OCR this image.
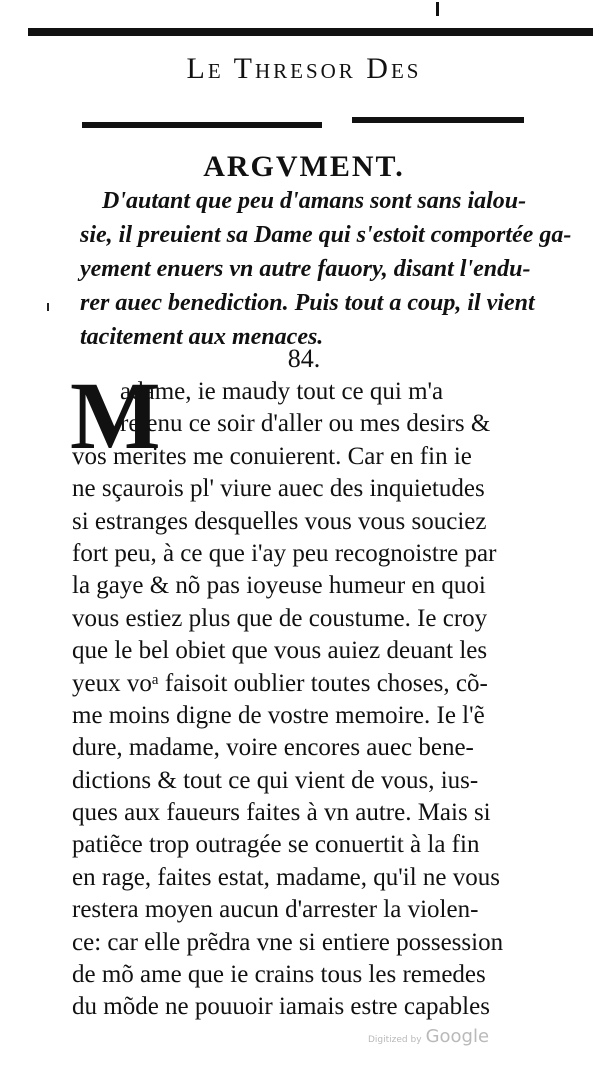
Le Thresor Des
ARGVMENT.
D'autant que peu d'amans sont sans ialou-
sie, il preuient sa Dame qui s'estoit comportée ga-
yement enuers vn autre fauory, disant l'endu-
rer auec benediction. Puis tout a coup, il vient
tacitement aux menaces.
84.
M
adame, ie maudy tout ce qui m'a
retenu ce soir d'aller ou mes desirs &
vos merites me conuierent. Car en fin ie
ne sçaurois pl' viure auec des inquietudes
si estranges desquelles vous vous souciez
fort peu, à ce que i'ay peu recognoistre par
la gaye & nõ pas ioyeuse humeur en quoi
vous estiez plus que de coustume. Ie croy
que le bel obiet que vous auiez deuant les
yeux voᵃ faisoit oublier toutes choses, cõ-
me moins digne de vostre memoire. Ie l'ẽ
dure, madame, voire encores auec bene-
dictions & tout ce qui vient de vous, ius-
ques aux faueurs faites à vn autre. Mais si
patiẽce trop outragée se conuertit à la fin
en rage, faites estat, madame, qu'il ne vous
restera moyen aucun d'arrester la violen-
ce: car elle prẽdra vne si entiere possession
de mõ ame que ie crains tous les remedes
du mõde ne pouuoir iamais estre capables
Digitized by Google
